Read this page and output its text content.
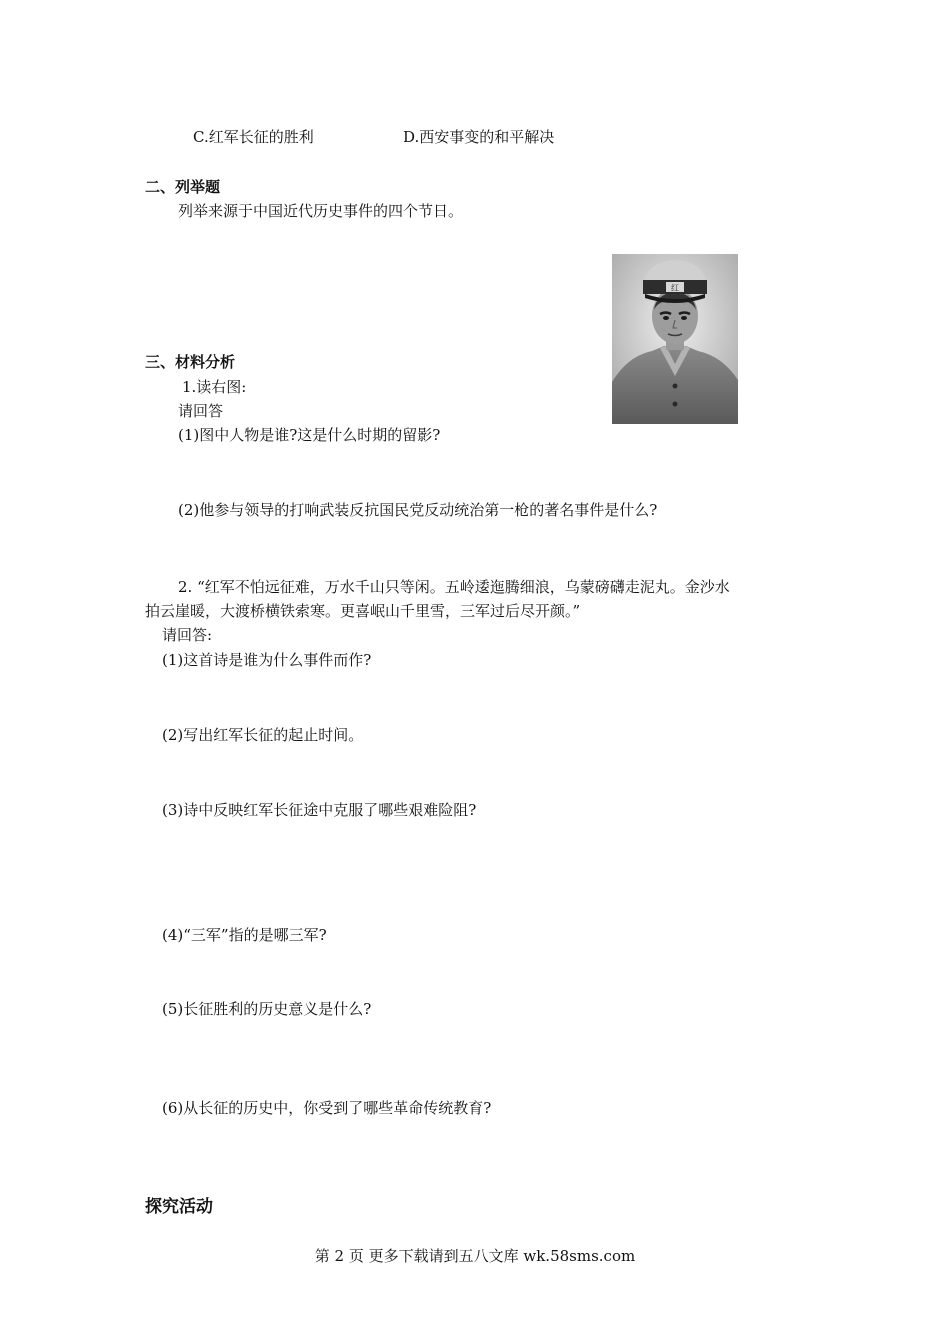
C.红军长征的胜利	D.西安事变的和平解决
二、列举题
列举来源于中国近代历史事件的四个节日。
红
三、材料分析
1.读右图:
请回答
(1)图中人物是谁?这是什么时期的留影?
(2)他参与领导的打响武装反抗国民党反动统治第一枪的著名事件是什么?
2. “红军不怕远征难，万水千山只等闲。五岭逶迤腾细浪，乌蒙磅礴走泥丸。金沙水
拍云崖暖，大渡桥横铁索寒。更喜岷山千里雪，三军过后尽开颜。”
请回答:
(1)这首诗是谁为什么事件而作?
(2)写出红军长征的起止时间。
(3)诗中反映红军长征途中克服了哪些艰难险阻?
(4)“三军”指的是哪三军?
(5)长征胜利的历史意义是什么?
(6)从长征的历史中，你受到了哪些革命传统教育?
探究活动
第 2 页 更多下载请到五八文库 wk.58sms.com
